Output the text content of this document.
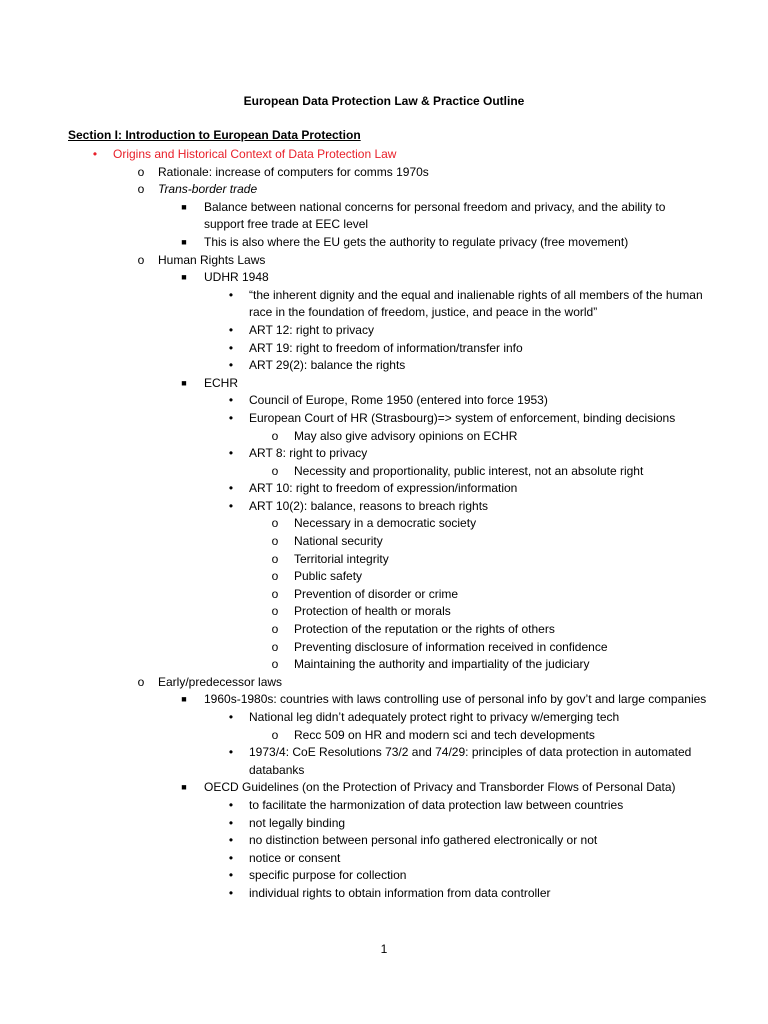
European Data Protection Law & Practice Outline
Section I: Introduction to European Data Protection
•	Origins and Historical Context of Data Protection Law
o	Rationale: increase of computers for comms 1970s
o	Trans-border trade
■	Balance between national concerns for personal freedom and privacy, and the ability to support free trade at EEC level
■	This is also where the EU gets the authority to regulate privacy (free movement)
o	Human Rights Laws
■	UDHR 1948
•	“the inherent dignity and the equal and inalienable rights of all members of the human race in the foundation of freedom, justice, and peace in the world”
•	ART 12: right to privacy
•	ART 19: right to freedom of information/transfer info
•	ART 29(2): balance the rights
■	ECHR
•	Council of Europe, Rome 1950 (entered into force 1953)
•	European Court of HR (Strasbourg)=> system of enforcement, binding decisions
o	May also give advisory opinions on ECHR
•	ART 8: right to privacy
o	Necessity and proportionality, public interest, not an absolute right
•	ART 10: right to freedom of expression/information
•	ART 10(2): balance, reasons to breach rights
o	Necessary in a democratic society
o	National security
o	Territorial integrity
o	Public safety
o	Prevention of disorder or crime
o	Protection of health or morals
o	Protection of the reputation or the rights of others
o	Preventing disclosure of information received in confidence
o	Maintaining the authority and impartiality of the judiciary
o	Early/predecessor laws
■	1960s-1980s: countries with laws controlling use of personal info by gov’t and large companies
•	National leg didn’t adequately protect right to privacy w/emerging tech
o	Recc 509 on HR and modern sci and tech developments
•	1973/4: CoE Resolutions 73/2 and 74/29: principles of data protection in automated databanks
■	OECD Guidelines (on the Protection of Privacy and Transborder Flows of Personal Data)
•	to facilitate the harmonization of data protection law between countries
•	not legally binding
•	no distinction between personal info gathered electronically or not
•	notice or consent
•	specific purpose for collection
•	individual rights to obtain information from data controller
1
